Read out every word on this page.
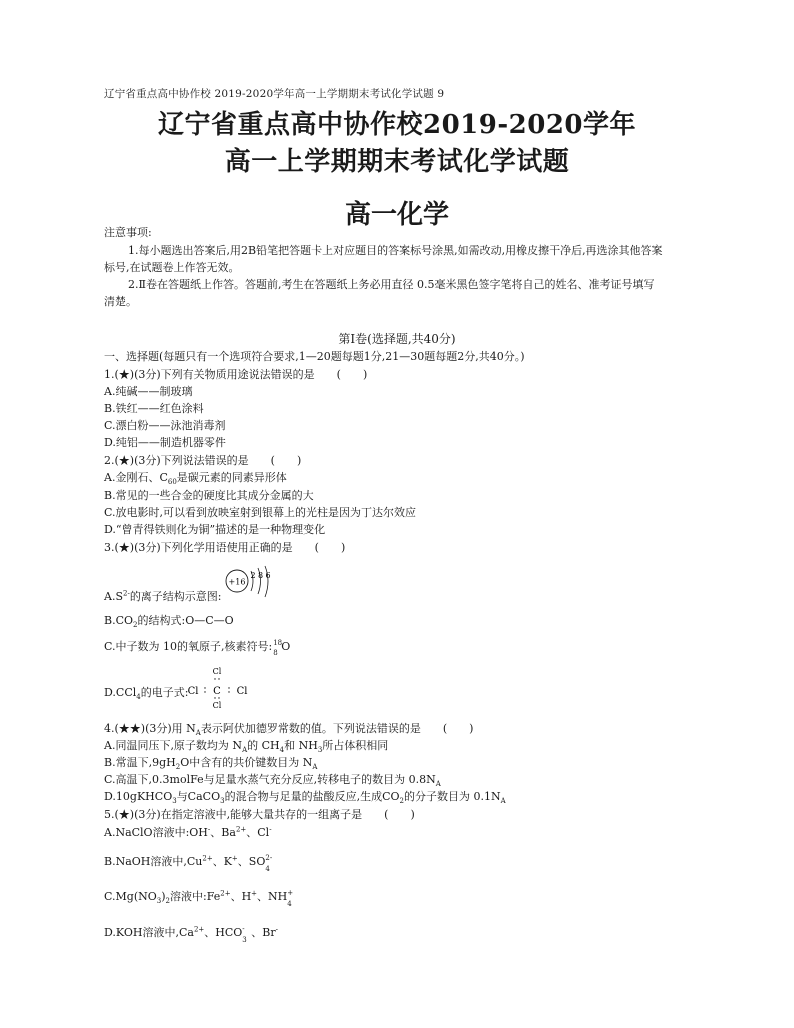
辽宁省重点高中协作校 2019-2020学年高一上学期期末考试化学试题 9
辽宁省重点高中协作校2019-2020学年
高一上学期期末考试化学试题
高一化学
注意事项:
1.每小题选出答案后,用2B铅笔把答题卡上对应题目的答案标号涂黑,如需改动,用橡皮擦干净后,再选涂其他答案
标号,在试题卷上作答无效。
2.Ⅱ卷在答题纸上作答。答题前,考生在答题纸上务必用直径 0.5毫米黑色签字笔将自己的姓名、准考证号填写
清楚。
第Ⅰ卷(选择题,共40分)
一、选择题(每题只有一个选项符合要求,1—20题每题1分,21—30题每题2分,共40分。)
1.(★)(3分)下列有关物质用途说法错误的是　　(　　)
A.纯碱——制玻璃
B.铁红——红色涂料
C.漂白粉——泳池消毒剂
D.纯铝——制造机器零件
2.(★)(3分)下列说法错误的是　　(　　)
A.金刚石、$C_{60}$是碳元素的同素异形体
B.常见的一些合金的硬度比其成分金属的大
C.放电影时,可以看到放映室射到银幕上的光柱是因为丁达尔效应
D.“曾青得铁则化为铜”描述的是一种物理变化
3.(★)(3分)下列化学用语使用正确的是　　(　　)
$A.S^{2-}$的离子结构示意图:
+16
2 8 6
$B.CO_2$的结构式:O—C—O
C.中子数为 10的氧原子,核素符号: 18
8 O
D.CCl$_4$的电子式:
Cl
Cl C Cl
Cl
4.(★★)(3分)用 $N_A$表示阿伏加德罗常数的值。下列说法错误的是　　(　　)
A.同温同压下,原子数均为 $N_A$的 $CH_4$和 $NH_3$所占体积相同
B.常温下$,9gH_2O$中含有的共价键数目为 $N_A$
C.高温下,0.3molFe与足量水蒸气充分反应,转移电子的数目为 $0.8N_A$
D.10gKHCO$_3$与CaCO$_3$的混合物与足量的盐酸反应,生成$CO_2$的分子数目为 $0.1N_A$
5.(★)(3分)在指定溶液中,能够大量共存的一组离子是　　(　　)
A.NaClO溶液中:OH-、$Ba^{2+}$、Cl-
B.NaOH溶液中$,Cu^{2+}$、K+、SO 2-
4
$C.Mg(NO_3)_2$溶液中$:Fe^{2+}$、H+、NH +
4
D.KOH溶液中$,Ca^{2+}$、HCO -
3
、Br-
